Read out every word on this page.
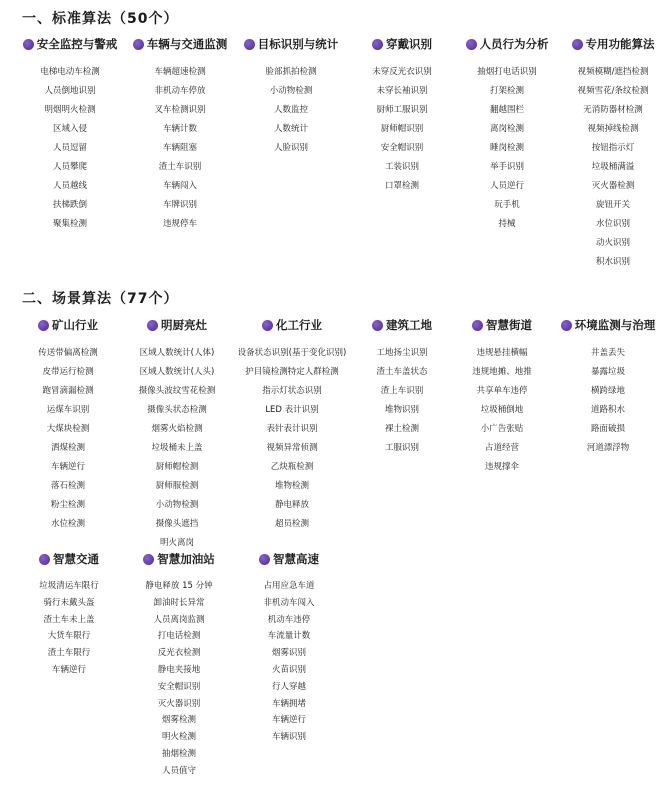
一、标准算法（50个）
安全监控与警戒
电梯电动车检测
人员倒地识别
明烟明火检测
区域入侵
人员逗留
人员攀爬
人员越线
扶梯跌倒
聚集检测
车辆与交通监测
车辆超速检测
非机动车停放
叉车检测识别
车辆计数
车辆阻塞
渣土车识别
车辆闯入
车牌识别
违规停车
目标识别与统计
脸部抓拍检测
小动物检测
人数监控
人数统计
人脸识别
穿戴识别
未穿反光衣识别
未穿长袖识别
厨师工服识别
厨师帽识别
安全帽识别
工装识别
口罩检测
人员行为分析
抽烟打电话识别
打架检测
翻越围栏
离岗检测
睡岗检测
举手识别
人员逆行
玩手机
持械
专用功能算法
视频模糊/遮挡检测
视频雪花/条纹检测
无消防器材检测
视频掉线检测
按钮指示灯
垃圾桶满溢
灭火器检测
旋钮开关
水位识别
动火识别
积水识别
二、场景算法（77个）
矿山行业
传送带偏离检测
皮带运行检测
跑冒滴漏检测
运煤车识别
大煤块检测
洒煤检测
车辆逆行
落石检测
粉尘检测
水位检测
明厨亮灶
区域人数统计(人体)
区域人数统计(人头)
摄像头波纹雪花检测
摄像头状态检测
烟雾火焰检测
垃圾桶未上盖
厨师帽检测
厨师服检测
小动物检测
摄像头遮挡
明火离岗
化工行业
设备状态识别(基于变化识别)
护目镜检测特定人群检测
指示灯状态识别
LED 表计识别
表针表计识别
视频异常侦测
乙炔瓶检测
堆物检测
静电释放
超员检测
建筑工地
工地扬尘识别
渣土车盖状态
渣上车识别
堆物识别
裸土检测
工服识别
智慧街道
违规悬挂横幅
违规地摊、地推
共享单车违停
垃圾桶倒地
小广告张贴
占道经营
违规撑伞
环境监测与治理
井盖丢失
暴露垃圾
横跨绿地
道路积水
路面破损
河道漂浮物
智慧交通
垃圾清运车限行
骑行未戴头盔
渣土车未上盖
大货车限行
渣土车限行
车辆逆行
智慧加油站
静电释放 15 分钟
卸油时长异常
人员离岗监测
打电话检测
反光衣检测
静电夹接地
安全帽识别
灭火器识别
烟雾检测
明火检测
抽烟检测
人员值守
智慧高速
占用应急车道
非机动车闯入
机动车违停
车流量计数
烟雾识别
火苗识别
行人穿越
车辆拥堵
车辆逆行
车辆识别
